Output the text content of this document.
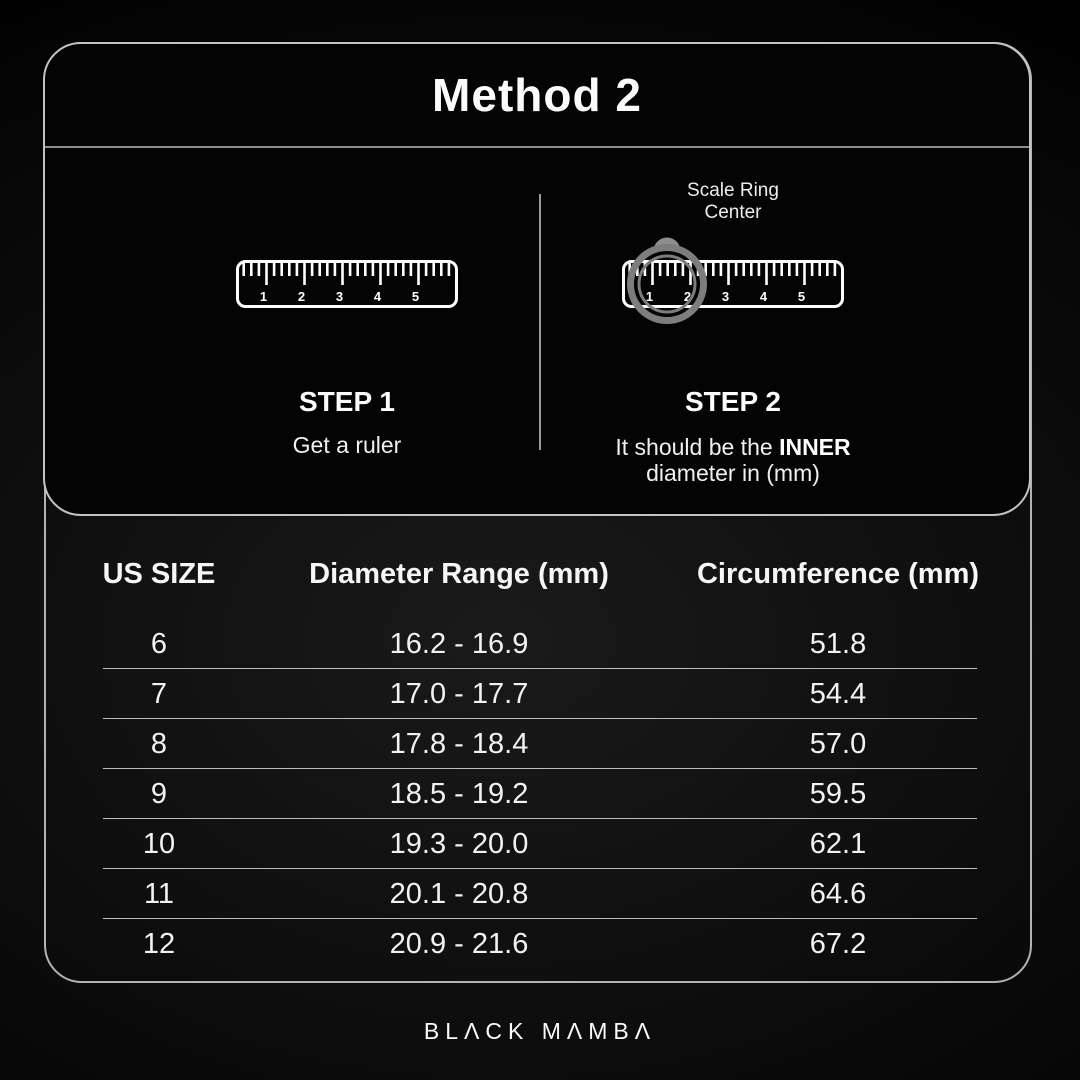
Method 2
1 2 3 4 5
STEP 1
Get a ruler
Scale Ring
Center
1 2 3 4 5
STEP 2
It should be the INNER
diameter in (mm)
US SIZE	Diameter Range (mm)	Circumference (mm)
6	16.2 - 16.9	51.8
7	17.0 - 17.7	54.4
8	17.8 - 18.4	57.0
9	18.5 - 19.2	59.5
10	19.3 - 20.0	62.1
11	20.1 - 20.8	64.6
12	20.9 - 21.6	67.2
BLΛCK MΛMBΛ
